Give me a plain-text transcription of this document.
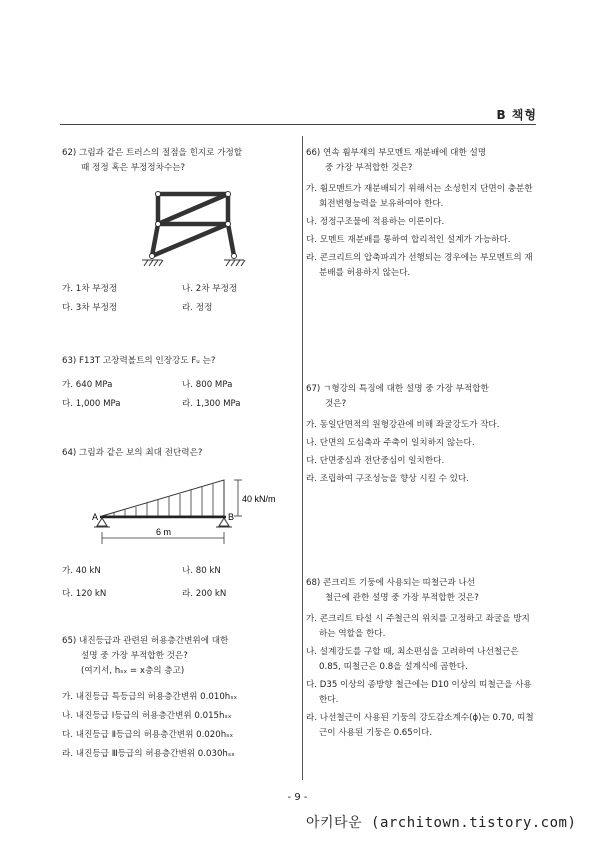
B 책형
62) 그림과 같은 트러스의 절점을 힌지로 가정할
때 정정 혹은 부정정차수는?
가. 1차 부정정	나. 2차 부정정
다. 3차 부정정	라. 정정
63) F13T 고장력볼트의 인장강도 Fᵤ 는?
가. 640 MPa	나. 800 MPa
다. 1,000 MPa	라. 1,300 MPa
64) 그림과 같은 보의 최대 전단력은?
40 kN/m
A	B
6 m
가. 40 kN	나. 80 kN
다. 120 kN	라. 200 kN
65) 내진등급과 관련된 허용층간변위에 대한
설명 중 가장 부적합한 것은?
(여기서, hₛₓ = x층의 층고)
가. 내진등급 특등급의 허용층간변위 0.010hₛₓ
나. 내진등급 Ⅰ등급의 허용층간변위 0.015hₛₓ
다. 내진등급 Ⅱ등급의 허용층간변위 0.020hₛₓ
라. 내진등급 Ⅲ등급의 허용층간변위 0.030hₛₓ
66) 연속 휨부재의 부모멘트 재분배에 대한 설명
중 가장 부적합한 것은?
가. 휨모멘트가 재분배되기 위해서는 소성힌지 단면이 충분한 회전변형능력을 보유하여야 한다.
나. 정정구조물에 적용하는 이론이다.
다. 모멘트 재분배를 통하여 합리적인 설계가 가능하다.
라. 콘크리트의 압축파괴가 선행되는 경우에는 부모멘트의 재분배를 허용하지 않는다.
67) ㄱ형강의 특징에 대한 설명 중 가장 부적합한
것은?
가. 동일단면적의 원형강관에 비해 좌굴강도가 작다.
나. 단면의 도심축과 주축이 일치하지 않는다.
다. 단면중심과 전단중심이 일치한다.
라. 조립하여 구조성능을 향상 시킬 수 있다.
68) 콘크리트 기둥에 사용되는 띠철근과 나선
철근에 관한 설명 중 가장 부적합한 것은?
가. 콘크리트 타설 시 주철근의 위치를 고정하고 좌굴을 방지하는 역할을 한다.
나. 설계강도를 구할 때, 최소편심을 고려하여 나선철근은 0.85, 띠철근은 0.8을 설계식에 곱한다.
다. D35 이상의 종방향 철근에는 D10 이상의 띠철근을 사용한다.
라. 나선철근이 사용된 기둥의 강도감소계수(ϕ)는 0.70, 띠철근이 사용된 기둥은 0.65이다.
- 9 -
아키타운 (architown.tistory.com)
